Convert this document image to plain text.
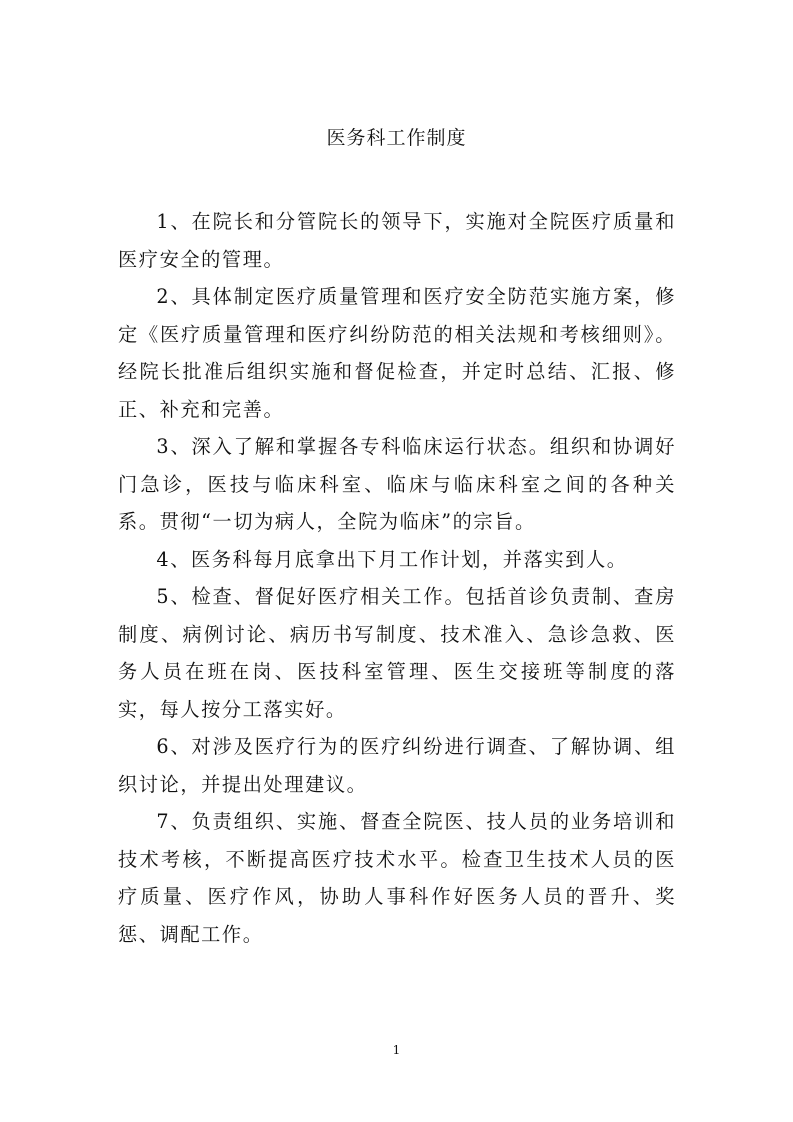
医务科工作制度

1、在院长和分管院长的领导下，实施对全院医疗质量和医疗安全的管理。

2、具体制定医疗质量管理和医疗安全防范实施方案，修定《医疗质量管理和医疗纠纷防范的相关法规和考核细则》。经院长批准后组织实施和督促检查，并定时总结、汇报、修正、补充和完善。

3、深入了解和掌握各专科临床运行状态。组织和协调好门急诊，医技与临床科室、临床与临床科室之间的各种关系。贯彻“一切为病人，全院为临床”的宗旨。

4、医务科每月底拿出下月工作计划，并落实到人。

5、检查、督促好医疗相关工作。包括首诊负责制、查房制度、病例讨论、病历书写制度、技术准入、急诊急救、医务人员在班在岗、医技科室管理、医生交接班等制度的落实，每人按分工落实好。

6、对涉及医疗行为的医疗纠纷进行调查、了解协调、组织讨论，并提出处理建议。

7、负责组织、实施、督查全院医、技人员的业务培训和技术考核，不断提高医疗技术水平。检查卫生技术人员的医疗质量、医疗作风，协助人事科作好医务人员的晋升、奖惩、调配工作。

1
